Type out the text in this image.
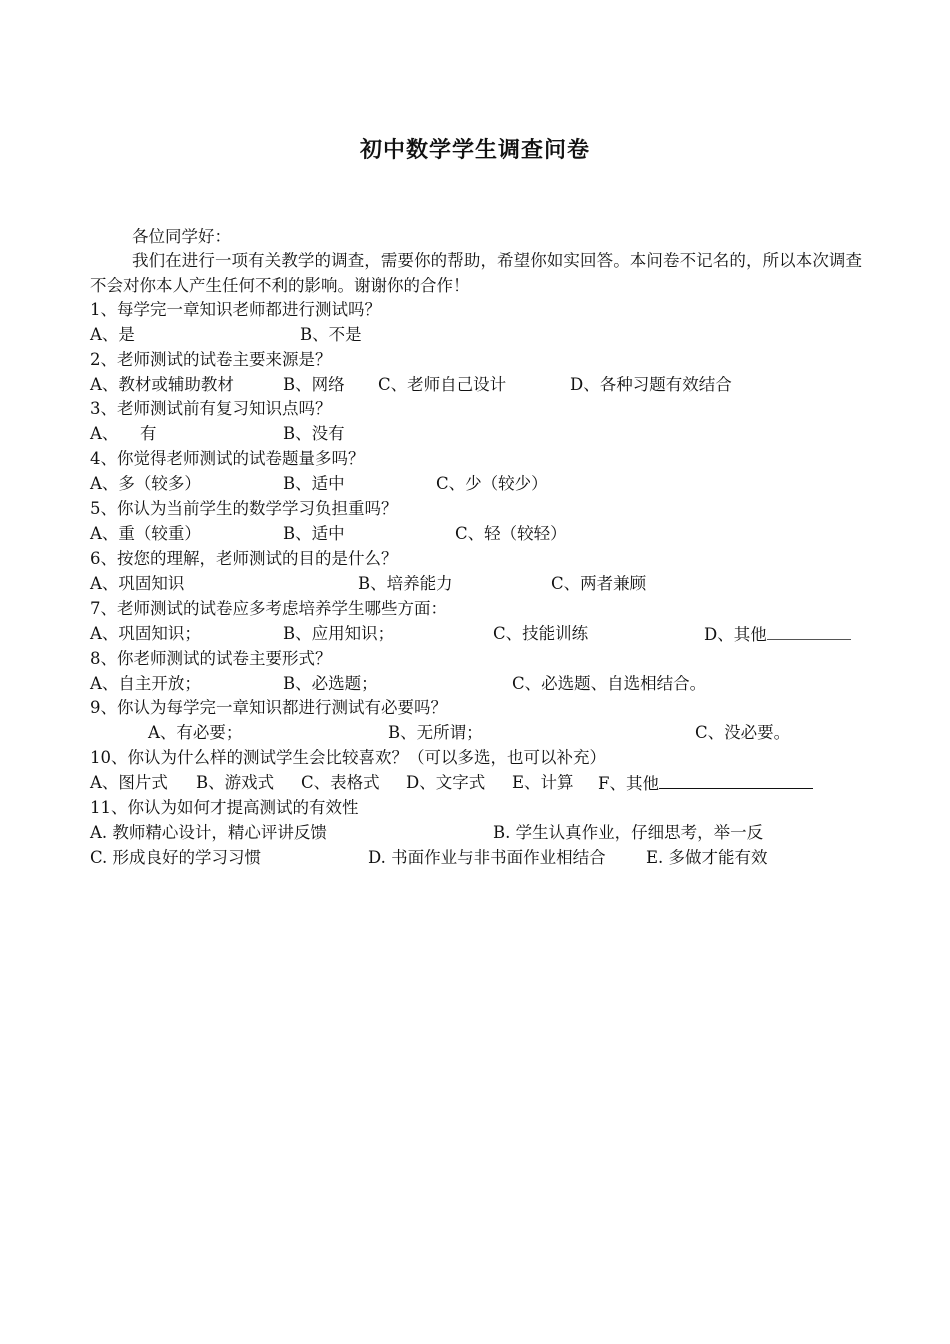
初中数学学生调查问卷
各位同学好：
我们在进行一项有关教学的调查，需要你的帮助，希望你如实回答。本问卷不记名的，所以本次调查不会对你本人产生任何不利的影响。谢谢你的合作！
1、每学完一章知识老师都进行测试吗？
A、是	B、不是
2、老师测试的试卷主要来源是？
A、教材或辅助教材	B、网络 C、老师自己设计	D、各种习题有效结合
3、老师测试前有复习知识点吗？
A、 有	B、没有
4、你觉得老师测试的试卷题量多吗？
A、多（较多）	B、适中	C、少（较少）
5、你认为当前学生的数学学习负担重吗？
A、重（较重）	B、适中	C、轻（较轻）
6、按您的理解，老师测试的目的是什么？
A、巩固知识	B、培养能力	C、两者兼顾
7、老师测试的试卷应多考虑培养学生哪些方面：
A、巩固知识；	B、应用知识；	C、技能训练	D、其他
8、你老师测试的试卷主要形式？
A、自主开放；	B、必选题；	C、必选题、自选相结合。
9、你认为每学完一章知识都进行测试有必要吗？
A、有必要；	B、无所谓；	C、没必要。
10、你认为什么样的测试学生会比较喜欢？（可以多选，也可以补充）
A、图片式 B、游戏式 C、表格式 D、文字式 E、计算 F、其他
11、你认为如何才提高测试的有效性
A. 教师精心设计，精心评讲反馈	B. 学生认真作业，仔细思考，举一反
C. 形成良好的学习习惯	D. 书面作业与非书面作业相结合 E. 多做才能有效
